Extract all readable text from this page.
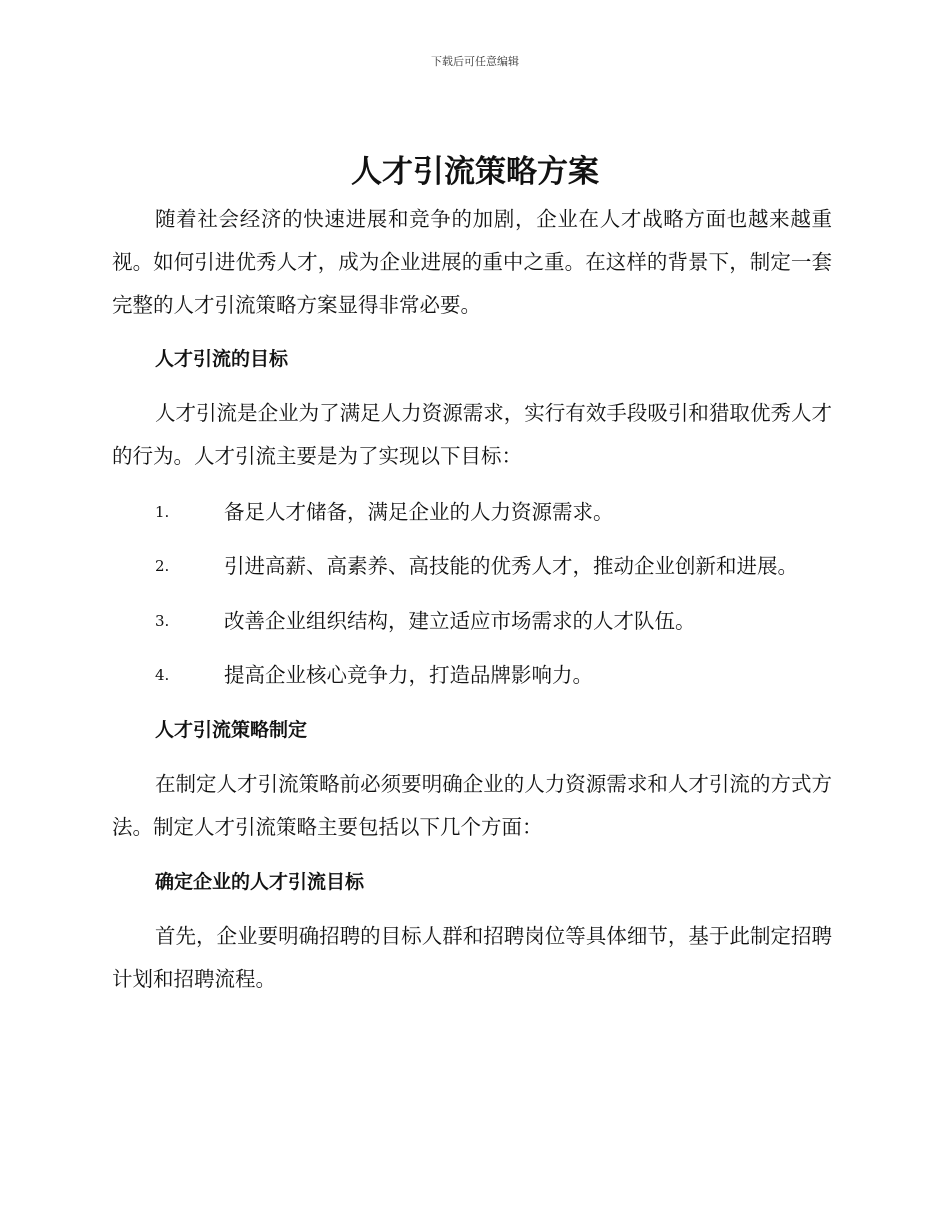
下载后可任意编辑
人才引流策略方案

随着社会经济的快速进展和竞争的加剧，企业在人才战略方面也越来越重视。如何引进优秀人才，成为企业进展的重中之重。在这样的背景下，制定一套完整的人才引流策略方案显得非常必要。

人才引流的目标

人才引流是企业为了满足人力资源需求，实行有效手段吸引和猎取优秀人才的行为。人才引流主要是为了实现以下目标：

1.	备足人才储备，满足企业的人力资源需求。
2.	引进高薪、高素养、高技能的优秀人才，推动企业创新和进展。
3.	改善企业组织结构，建立适应市场需求的人才队伍。
4.	提高企业核心竞争力，打造品牌影响力。
人才引流策略制定

在制定人才引流策略前必须要明确企业的人力资源需求和人才引流的方式方法。制定人才引流策略主要包括以下几个方面：

确定企业的人才引流目标

首先，企业要明确招聘的目标人群和招聘岗位等具体细节，基于此制定招聘计划和招聘流程。
